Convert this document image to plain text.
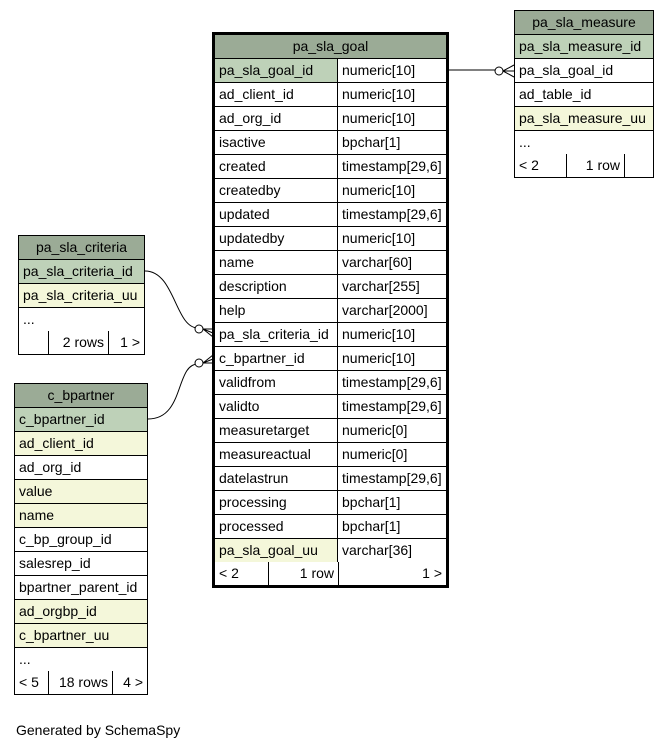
pa_sla_goal
pa_sla_goal_id	numeric[10]
ad_client_id	numeric[10]
ad_org_id	numeric[10]
isactive	bpchar[1]
created	timestamp[29,6]
createdby	numeric[10]
updated	timestamp[29,6]
updatedby	numeric[10]
name	varchar[60]
description	varchar[255]
help	varchar[2000]
pa_sla_criteria_id numeric[10]
c_bpartner_id	numeric[10]
validfrom	timestamp[29,6]
validto	timestamp[29,6]
measuretarget	numeric[0]
measureactual	numeric[0]
datelastrun	timestamp[29,6]
processing	bpchar[1]
processed	bpchar[1]
pa_sla_goal_uu	varchar[36]
< 2	1 row	1 >
pa_sla_measure
pa_sla_measure_id
pa_sla_goal_id
ad_table_id
pa_sla_measure_uu
...
< 2	1 row
pa_sla_criteria
pa_sla_criteria_id
pa_sla_criteria_uu
...
2 rows	1 >
c_bpartner
c_bpartner_id
ad_client_id
ad_org_id
value
name
c_bp_group_id
salesrep_id
bpartner_parent_id
ad_orgbp_id
c_bpartner_uu
...
< 5	18 rows	4 >
Generated by SchemaSpy
